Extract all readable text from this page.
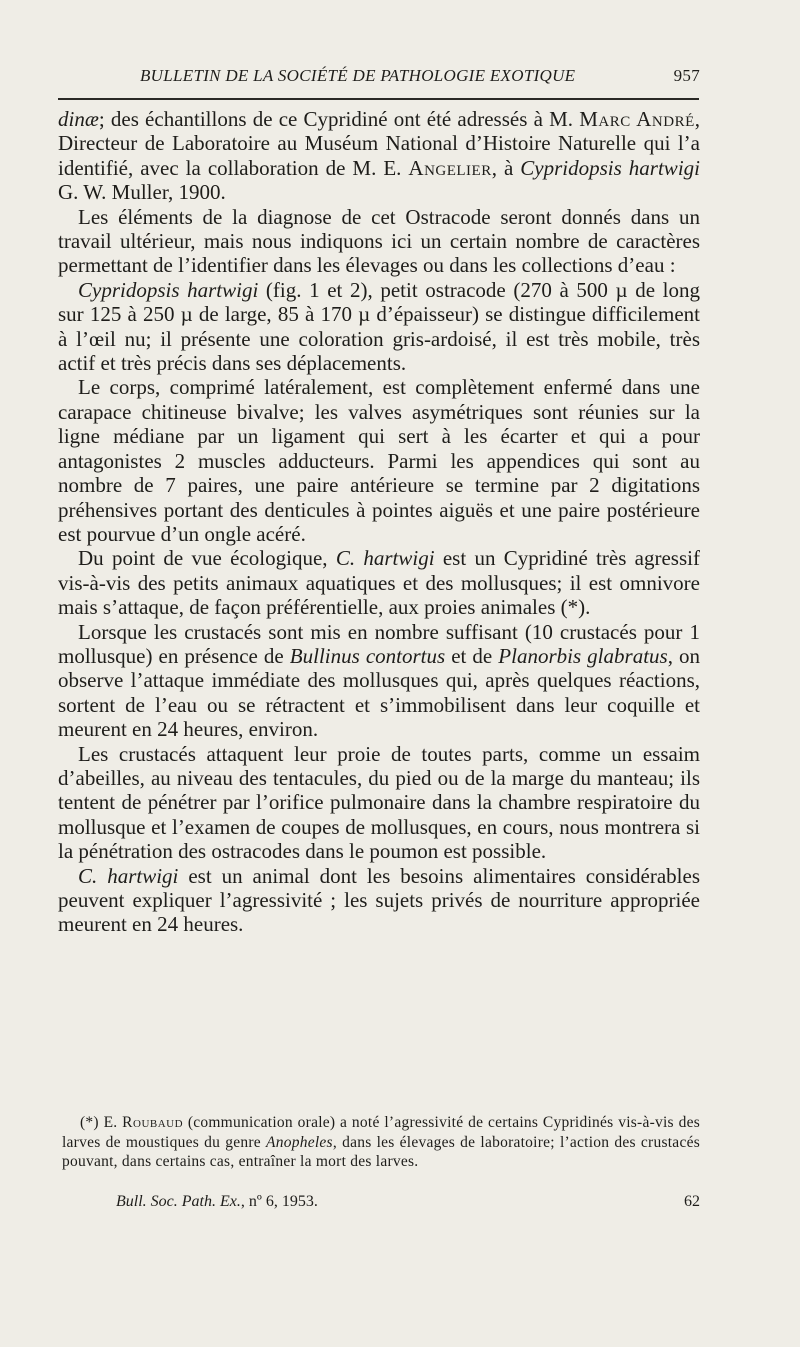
BULLETIN DE LA SOCIÉTÉ DE PATHOLOGIE EXOTIQUE	957

dinæ; des échantillons de ce Cypridiné ont été adressés à M. Marc André, Directeur de Laboratoire au Muséum National d’Histoire Naturelle qui l’a identifié, avec la collaboration de M. E. Angelier, à Cypridopsis hartwigi G. W. Muller, 1900.

Les éléments de la diagnose de cet Ostracode seront donnés dans un travail ultérieur, mais nous indiquons ici un certain nombre de caractères permettant de l’identifier dans les élevages ou dans les collections d’eau :

Cypridopsis hartwigi (fig. 1 et 2), petit ostracode (270 à 500 µ de long sur 125 à 250 µ de large, 85 à 170 µ d’épaisseur) se distingue difficilement à l’œil nu; il présente une coloration gris-ardoisé, il est très mobile, très actif et très précis dans ses déplacements.

Le corps, comprimé latéralement, est complètement enfermé dans une carapace chitineuse bivalve; les valves asymétriques sont réunies sur la ligne médiane par un ligament qui sert à les écarter et qui a pour antagonistes 2 muscles adducteurs. Parmi les appendices qui sont au nombre de 7 paires, une paire antérieure se termine par 2 digitations préhensives portant des denticules à pointes aiguës et une paire postérieure est pourvue d’un ongle acéré.

Du point de vue écologique, C. hartwigi est un Cypridiné très agressif vis-à-vis des petits animaux aquatiques et des mollusques; il est omnivore mais s’attaque, de façon préférentielle, aux proies animales (*).

Lorsque les crustacés sont mis en nombre suffisant (10 crustacés pour 1 mollusque) en présence de Bullinus contortus et de Planorbis glabratus, on observe l’attaque immédiate des mollusques qui, après quelques réactions, sortent de l’eau ou se rétractent et s’immobilisent dans leur coquille et meurent en 24 heures, environ.

Les crustacés attaquent leur proie de toutes parts, comme un essaim d’abeilles, au niveau des tentacules, du pied ou de la marge du manteau; ils tentent de pénétrer par l’orifice pulmonaire dans la chambre respiratoire du mollusque et l’examen de coupes de mollusques, en cours, nous montrera si la pénétration des ostracodes dans le poumon est possible.

C. hartwigi est un animal dont les besoins alimentaires considérables peuvent expliquer l’agressivité ; les sujets privés de nourriture appropriée meurent en 24 heures.

(*) E. Roubaud (communication orale) a noté l’agressivité de certains Cypridinés vis-à-vis des larves de moustiques du genre Anopheles, dans les élevages de laboratoire; l’action des crustacés pouvant, dans certains cas, entraîner la mort des larves.

Bull. Soc. Path. Ex., nº 6, 1953.	62
